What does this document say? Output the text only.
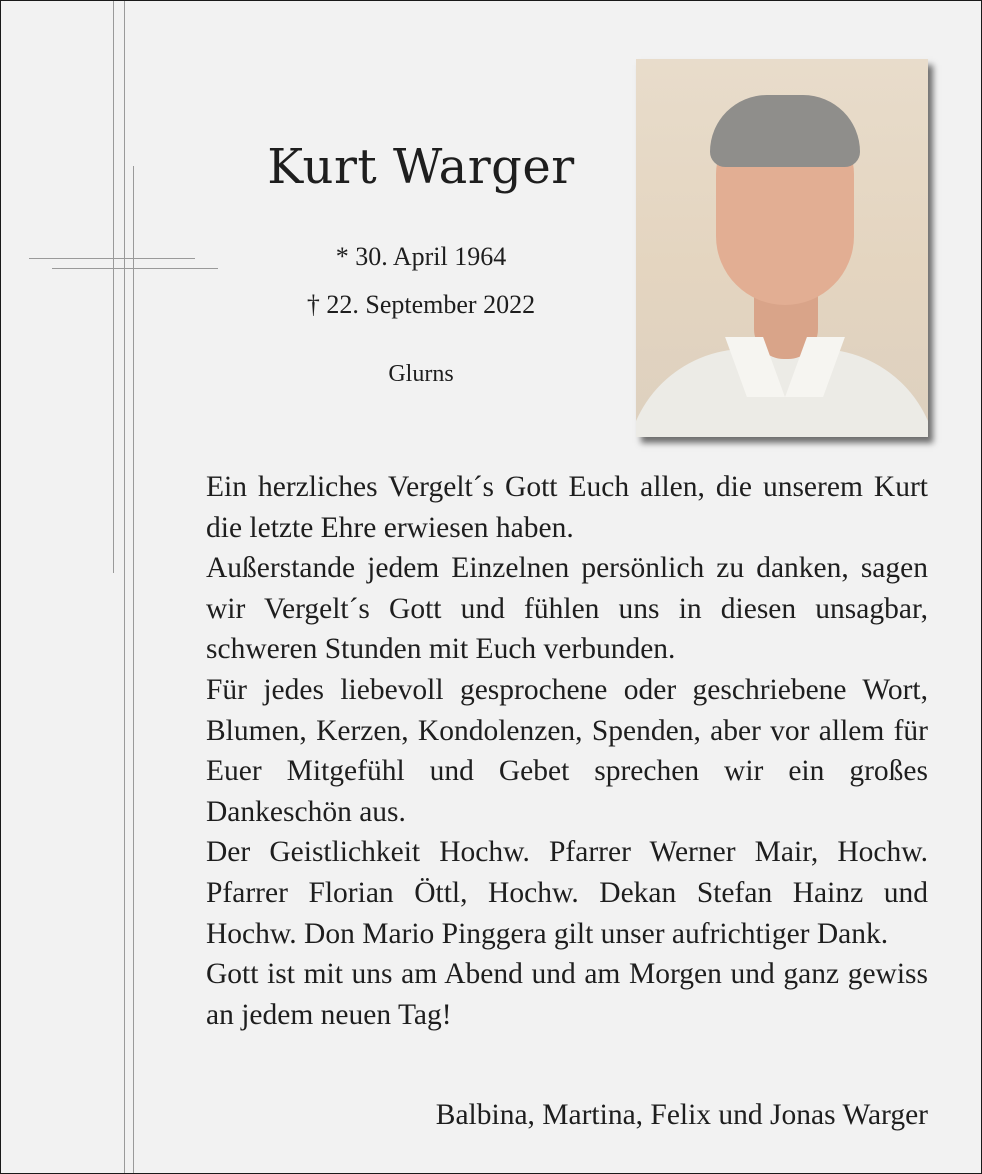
Kurt Warger
* 30. April 1964
† 22. September 2022
Glurns

Ein herzliches Vergelt´s Gott Euch allen, die unserem Kurt die letzte Ehre erwiesen haben.

Außerstande jedem Einzelnen persönlich zu danken, sagen wir Vergelt´s Gott und fühlen uns in diesen unsagbar, schweren Stunden mit Euch verbunden.

Für jedes liebevoll gesprochene oder geschriebene Wort, Blumen, Kerzen, Kondolenzen, Spenden, aber vor allem für Euer Mitgefühl und Gebet sprechen wir ein großes Dankeschön aus.

Der Geistlichkeit Hochw. Pfarrer Werner Mair, Hochw. Pfarrer Florian Öttl, Hochw. Dekan Stefan Hainz und Hochw. Don Mario Pinggera gilt unser aufrichtiger Dank.

Gott ist mit uns am Abend und am Morgen und ganz gewiss an jedem neuen Tag!

Balbina, Martina, Felix und Jonas Warger
